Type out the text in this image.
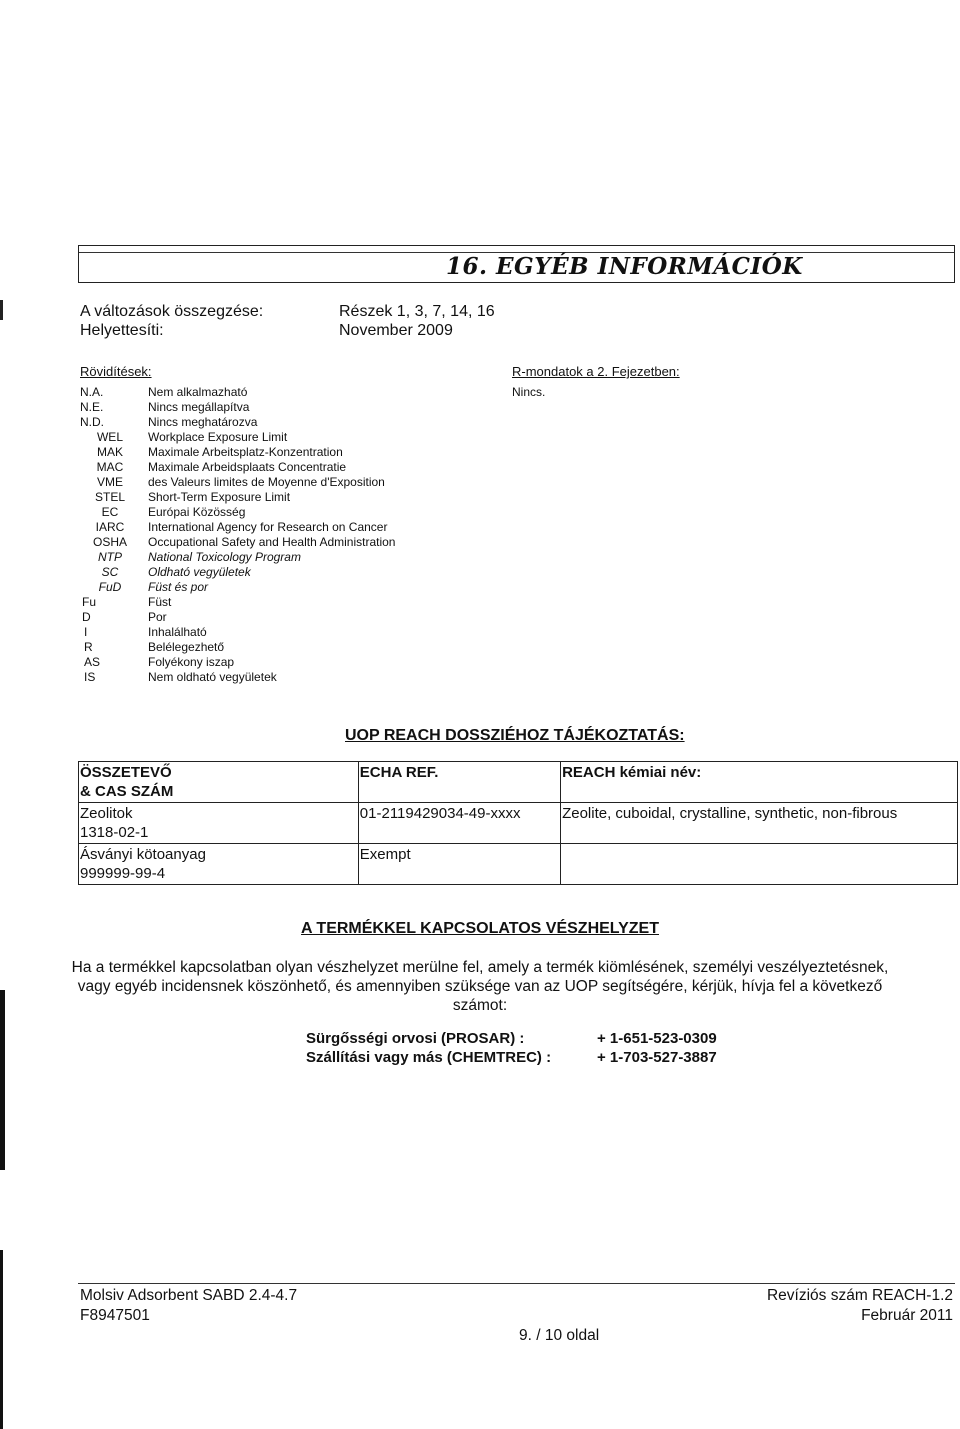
16. EGYÉB INFORMÁCIÓK
A változások összegzése:	Részek 1, 3, 7, 14, 16
Helyettesíti:	November 2009
Rövidítések:
N.A.	Nem alkalmazható
N.E.	Nincs megállapítva
N.D.	Nincs meghatározva
WEL	Workplace Exposure Limit
MAK	Maximale Arbeitsplatz-Konzentration
MAC	Maximale Arbeidsplaats Concentratie
VME	des Valeurs limites de Moyenne d'Exposition
STEL	Short-Term Exposure Limit
EC	Európai Közösség
IARC	International Agency for Research on Cancer
OSHA	Occupational Safety and Health Administration
NTP	National Toxicology Program
SC	Oldható vegyületek
FuD	Füst és por
Fu	Füst
D	Por
I	Inhalálható
R	Belélegezhető
AS	Folyékony iszap
IS	Nem oldható vegyületek
R-mondatok a 2. Fejezetben:
Nincs.
UOP REACH DOSSZIÉHOZ TÁJÉKOZTATÁS:
ÖSSZETEVŐ
& CAS SZÁM	ECHA REF.	REACH kémiai név:

Zeolitok
1318-02-1	01-2119429034-49-xxxx	Zeolite, cuboidal, crystalline, synthetic, non-fibrous

Ásványi kötoanyag
999999-99-4	Exempt	
A TERMÉKKEL KAPCSOLATOS VÉSZHELYZET
Ha a termékkel kapcsolatban olyan vészhelyzet merülne fel, amely a termék kiömlésének, személyi veszélyeztetésnek,
vagy egyéb incidensnek köszönhető, és amennyiben szüksége van az UOP segítségére, kérjük, hívja fel a következő
számot:
Sürgősségi orvosi (PROSAR) :	+ 1-651-523-0309
Szállítási vagy más (CHEMTREC) :	+ 1-703-527-3887
Molsiv Adsorbent SABD 2.4-4.7
F8947501
Revíziós szám REACH-1.2
Február 2011
9. / 10 oldal
